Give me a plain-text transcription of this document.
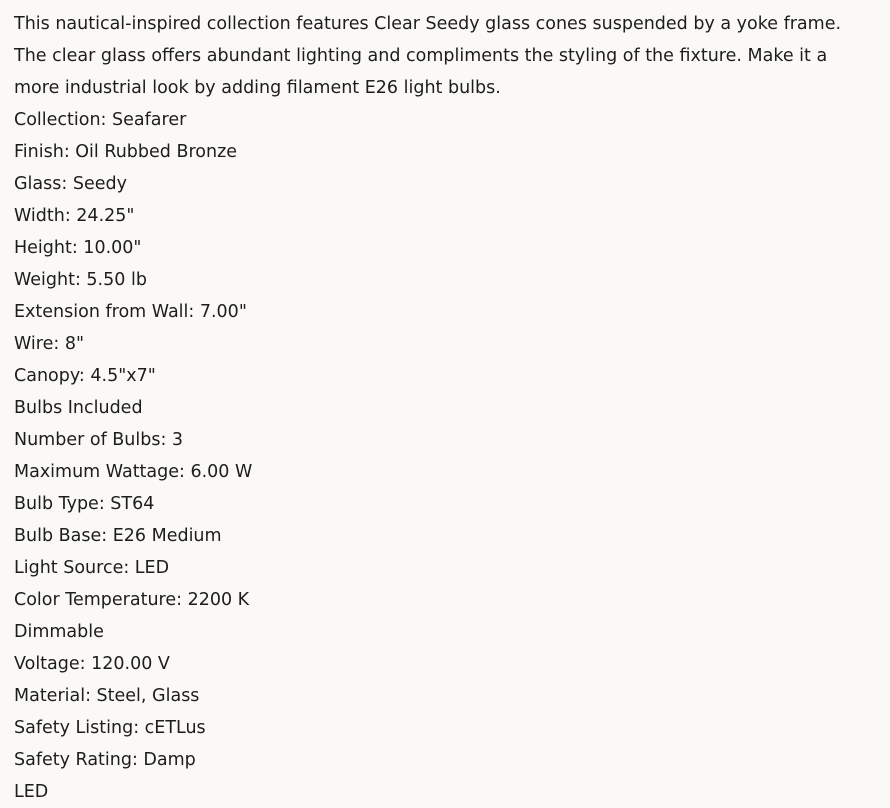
This nautical-inspired collection features Clear Seedy glass cones suspended by a yoke frame. The clear glass offers abundant lighting and compliments the styling of the fixture. Make it a more industrial look by adding filament E26 light bulbs.

Collection: Seafarer
Finish: Oil Rubbed Bronze
Glass: Seedy
Width: 24.25"
Height: 10.00"
Weight: 5.50 lb
Extension from Wall: 7.00"
Wire: 8"
Canopy: 4.5"x7"
Bulbs Included
Number of Bulbs: 3
Maximum Wattage: 6.00 W
Bulb Type: ST64
Bulb Base: E26 Medium
Light Source: LED
Color Temperature: 2200 K
Dimmable
Voltage: 120.00 V
Material: Steel, Glass
Safety Listing: cETLus
Safety Rating: Damp
LED
